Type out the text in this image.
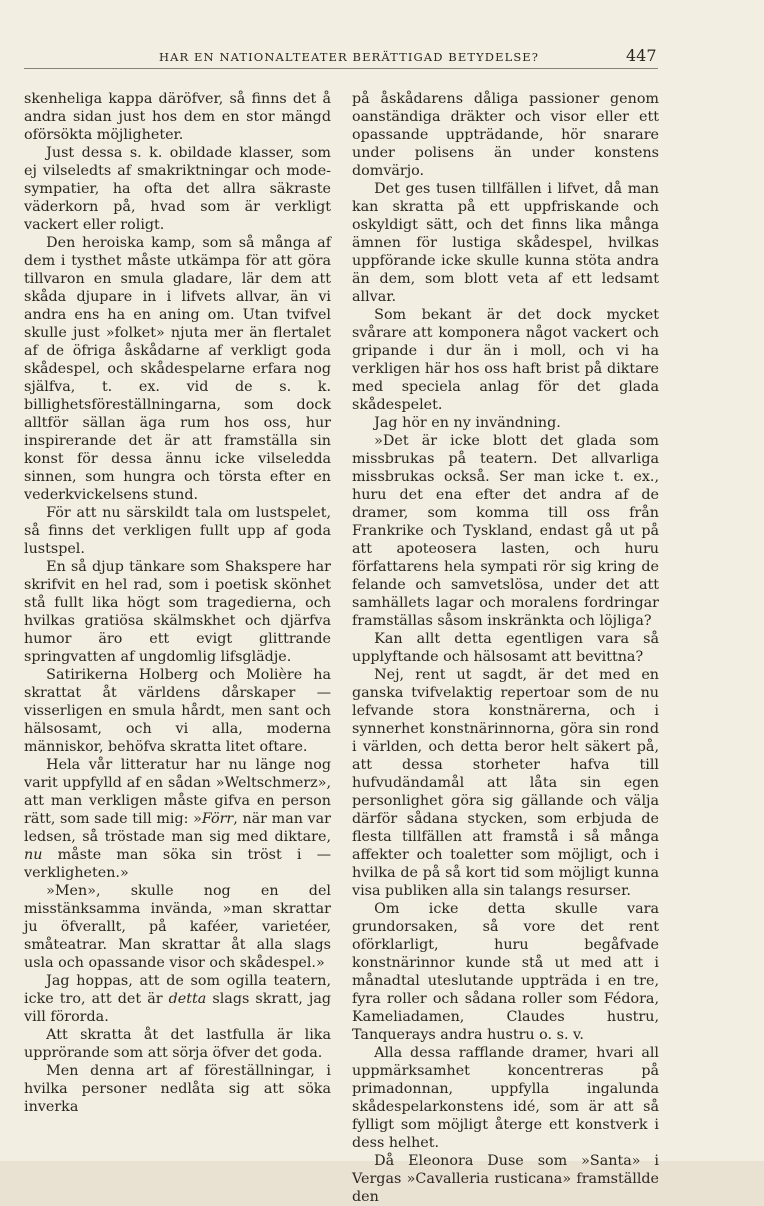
HAR EN NATIONALTEATER BERÄTTIGAD BETYDELSE?	447

skenheliga kappa däröfver, så finns det å andra sidan just hos dem en stor mängd oförsökta möjligheter.

Just dessa s. k. obildade klasser, som ej vilseledts af smakriktningar och mode-sympatier, ha ofta det allra säkraste väderkorn på, hvad som är verkligt vackert eller roligt.

Den heroiska kamp, som så många af dem i tysthet måste utkämpa för att göra tillvaron en smula gladare, lär dem att skåda djupare in i lifvets allvar, än vi andra ens ha en aning om. Utan tvifvel skulle just »folket» njuta mer än flertalet af de öfriga åskådarne af verkligt goda skådespel, och skådespelarne erfara nog själfva, t. ex. vid de s. k. billighetsföreställningarna, som dock alltför sällan äga rum hos oss, hur inspirerande det är att framställa sin konst för dessa ännu icke vilseledda sinnen, som hungra och törsta efter en vederkvickelsens stund.

För att nu särskildt tala om lustspelet, så finns det verkligen fullt upp af goda lustspel.

En så djup tänkare som Shakspere har skrifvit en hel rad, som i poetisk skönhet stå fullt lika högt som tragedierna, och hvilkas gratiösa skälmskhet och djärfva humor äro ett evigt glittrande springvatten af ungdomlig lifsglädje.

Satirikerna Holberg och Molière ha skrattat åt världens dårskaper — visserligen en smula hårdt, men sant och hälsosamt, och vi alla, moderna människor, behöfva skratta litet oftare.

Hela vår litteratur har nu länge nog varit uppfylld af en sådan »Weltschmerz», att man verkligen måste gifva en person rätt, som sade till mig: »Förr, när man var ledsen, så tröstade man sig med diktare, nu måste man söka sin tröst i — verkligheten.»

»Men», skulle nog en del misstänksamma invända, »man skrattar ju öfverallt, på kaféer, varietéer, småteatrar. Man skrattar åt alla slags usla och opassande visor och skådespel.»

Jag hoppas, att de som ogilla teatern, icke tro, att det är detta slags skratt, jag vill förorda.

Att skratta åt det lastfulla är lika upprörande som att sörja öfver det goda.

Men denna art af föreställningar, i hvilka personer nedlåta sig att söka inverka

på åskådarens dåliga passioner genom oanständiga dräkter och visor eller ett opassande uppträdande, hör snarare under polisens än under konstens domvärjo.

Det ges tusen tillfällen i lifvet, då man kan skratta på ett uppfriskande och oskyldigt sätt, och det finns lika många ämnen för lustiga skådespel, hvilkas uppförande icke skulle kunna stöta andra än dem, som blott veta af ett ledsamt allvar.

Som bekant är det dock mycket svårare att komponera något vackert och gripande i dur än i moll, och vi ha verkligen här hos oss haft brist på diktare med speciela anlag för det glada skådespelet.

Jag hör en ny invändning.

»Det är icke blott det glada som missbrukas på teatern. Det allvarliga missbrukas också. Ser man icke t. ex., huru det ena efter det andra af de dramer, som komma till oss från Frankrike och Tyskland, endast gå ut på att apoteosera lasten, och huru författarens hela sympati rör sig kring de felande och samvetslösa, under det att samhällets lagar och moralens fordringar framställas såsom inskränkta och löjliga?

Kan allt detta egentligen vara så upplyftande och hälsosamt att bevittna?

Nej, rent ut sagdt, är det med en ganska tvifvelaktig repertoar som de nu lefvande stora konstnärerna, och i synnerhet konstnärinnorna, göra sin rond i världen, och detta beror helt säkert på, att dessa storheter hafva till hufvudändamål att låta sin egen personlighet göra sig gällande och välja därför sådana stycken, som erbjuda de flesta tillfällen att framstå i så många affekter och toaletter som möjligt, och i hvilka de på så kort tid som möjligt kunna visa publiken alla sin talangs resurser.

Om icke detta skulle vara grundorsaken, så vore det rent oförklarligt, huru begåfvade konstnärinnor kunde stå ut med att i månadtal uteslutande uppträda i en tre, fyra roller och sådana roller som Fédora, Kameliadamen, Claudes hustru, Tanquerays andra hustru o. s. v.

Alla dessa rafflande dramer, hvari all uppmärksamhet koncentreras på primadonnan, uppfylla ingalunda skådespelarkonstens idé, som är att så fylligt som möjligt återge ett konstverk i dess helhet.

Då Eleonora Duse som »Santa» i Vergas »Cavalleria rusticana» framställde den
